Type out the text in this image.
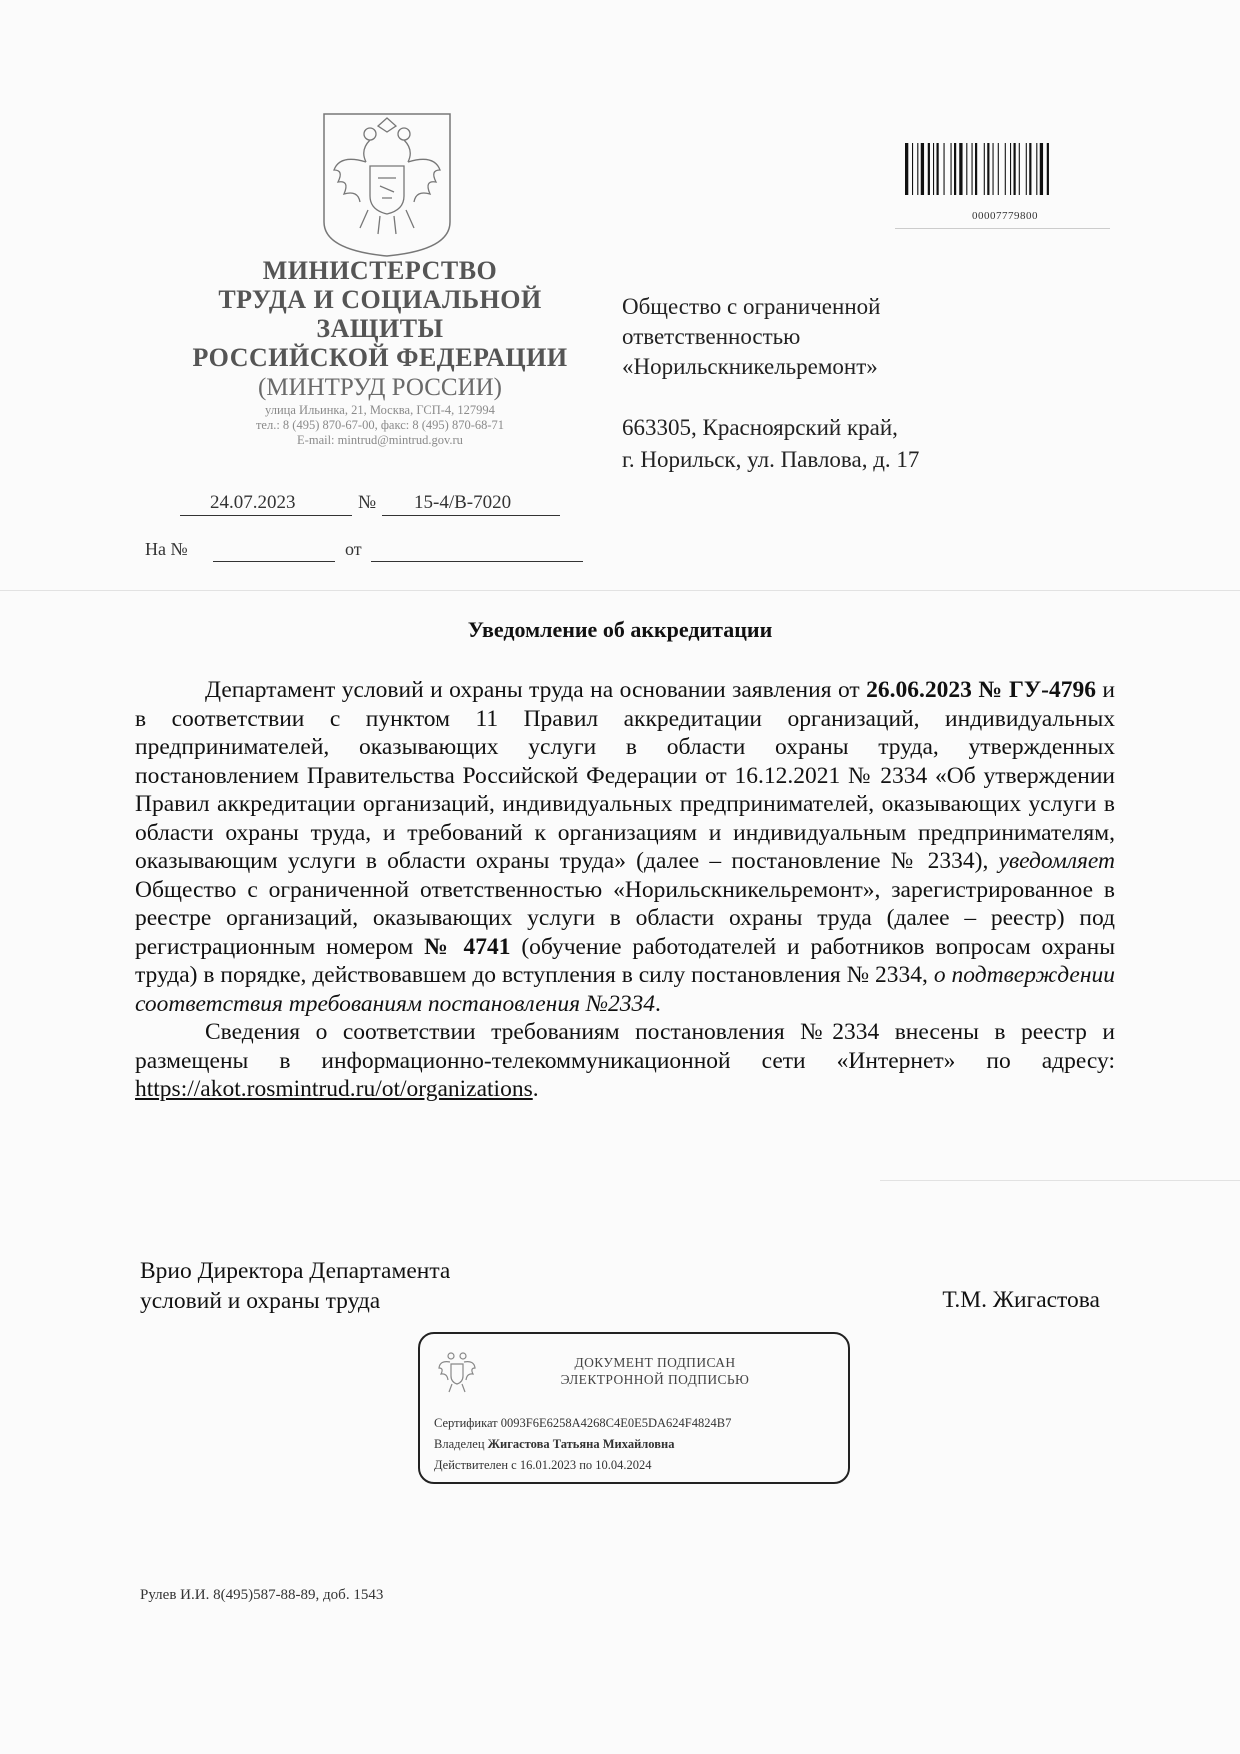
МИНИСТЕРСТВО
ТРУДА И СОЦИАЛЬНОЙ
ЗАЩИТЫ
РОССИЙСКОЙ ФЕДЕРАЦИИ
(МИНТРУД РОССИИ)
улица Ильинка, 21, Москва, ГСП-4, 127994
тел.: 8 (495) 870-67-00, факс: 8 (495) 870-68-71
E-mail: mintrud@mintrud.gov.ru
24.07.2023	№ 15-4/В-7020
На №	от
00007779800
Общество с ограниченной
ответственностью
«Норильскникельремонт»
663305, Красноярский край,
г. Норильск, ул. Павлова, д. 17
Уведомление об аккредитации

Департамент условий и охраны труда на основании заявления от 26.06.2023 № ГУ-4796 и в соответствии с пунктом 11 Правил аккредитации организаций, индивидуальных предпринимателей, оказывающих услуги в области охраны труда, утвержденных постановлением Правительства Российской Федерации от 16.12.2021 № 2334 «Об утверждении Правил аккредитации организаций, индивидуальных предпринимателей, оказывающих услуги в области охраны труда, и требований к организациям и индивидуальным предпринимателям, оказывающим услуги в области охраны труда» (далее – постановление № 2334), уведомляет Общество с ограниченной ответственностью «Норильскникельремонт», зарегистрированное в реестре организаций, оказывающих услуги в области охраны труда (далее – реестр) под регистрационным номером № 4741 (обучение работодателей и работников вопросам охраны труда) в порядке, действовавшем до вступления в силу постановления № 2334, о подтверждении соответствия требованиям постановления №2334.

Сведения о соответствии требованиям постановления №2334 внесены в реестр и размещены в информационно-телекоммуникационной сети «Интернет» по адресу: https://akot.rosmintrud.ru/ot/organizations.

Врио Директора Департамента
условий и охраны труда	Т.М. Жигастова
ДОКУМЕНТ ПОДПИСАН
ЭЛЕКТРОННОЙ ПОДПИСЬЮ
Сертификат 0093F6E6258A4268C4E0E5DA624F4824B7
Владелец Жигастова Татьяна Михайловна
Действителен с 16.01.2023 по 10.04.2024
Рулев И.И. 8(495)587-88-89, доб. 1543
